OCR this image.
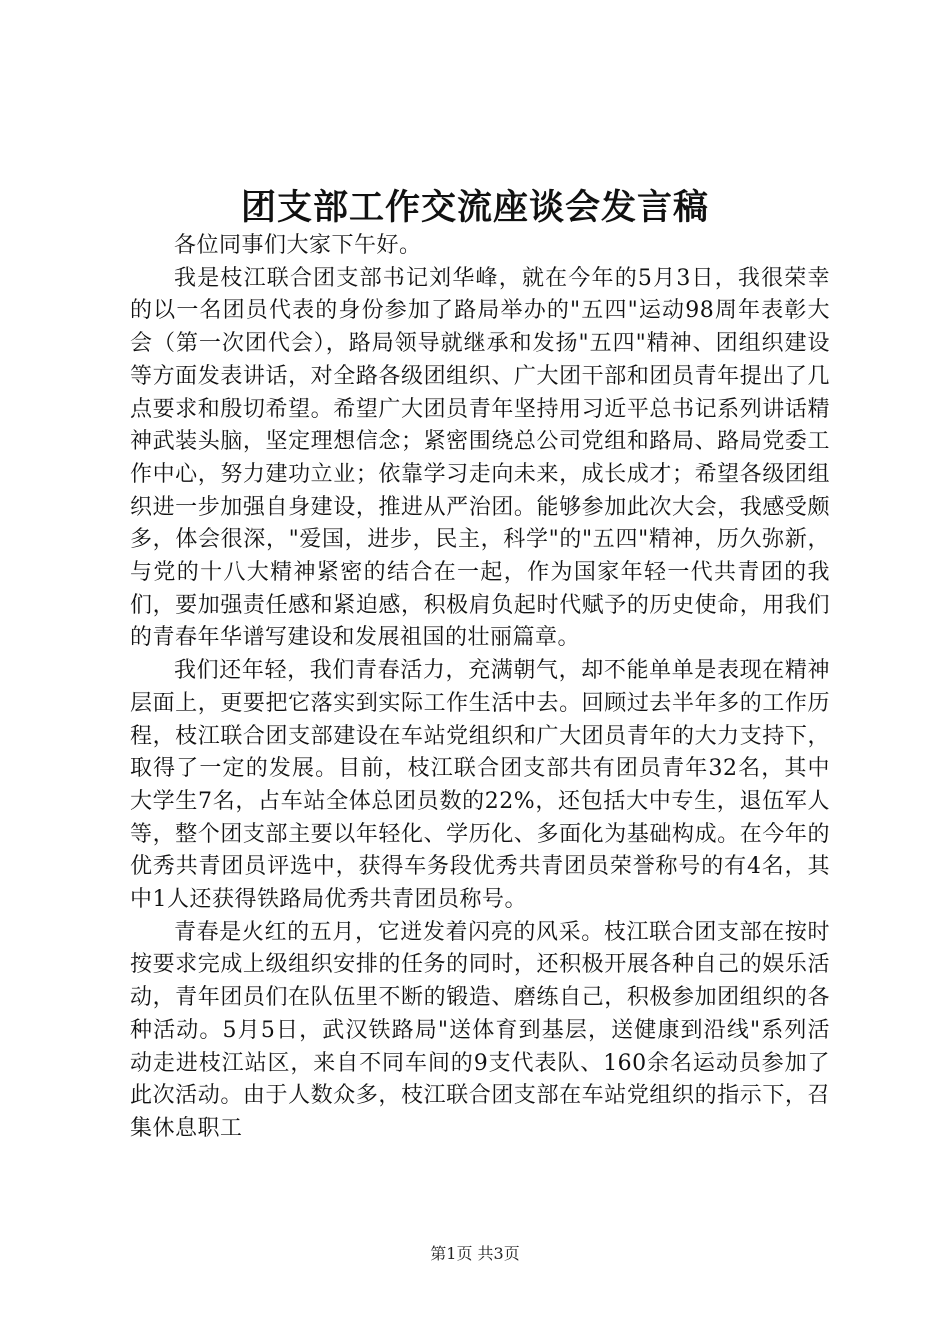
团支部工作交流座谈会发言稿

各位同事们大家下午好。

我是枝江联合团支部书记刘华峰，就在今年的5月3日，我很荣幸的以一名团员代表的身份参加了路局举办的"五四"运动98周年表彰大会（第一次团代会），路局领导就继承和发扬"五四"精神、团组织建设等方面发表讲话，对全路各级团组织、广大团干部和团员青年提出了几点要求和殷切希望。希望广大团员青年坚持用习近平总书记系列讲话精神武装头脑，坚定理想信念；紧密围绕总公司党组和路局、路局党委工作中心，努力建功立业；依靠学习走向未来，成长成才；希望各级团组织进一步加强自身建设，推进从严治团。能够参加此次大会，我感受颇多，体会很深，"爱国，进步，民主，科学"的"五四"精神，历久弥新，与党的十八大精神紧密的结合在一起，作为国家年轻一代共青团的我们，要加强责任感和紧迫感，积极肩负起时代赋予的历史使命，用我们的青春年华谱写建设和发展祖国的壮丽篇章。

我们还年轻，我们青春活力，充满朝气，却不能单单是表现在精神层面上，更要把它落实到实际工作生活中去。回顾过去半年多的工作历程，枝江联合团支部建设在车站党组织和广大团员青年的大力支持下，取得了一定的发展。目前，枝江联合团支部共有团员青年32名，其中大学生7名，占车站全体总团员数的22%，还包括大中专生，退伍军人等，整个团支部主要以年轻化、学历化、多面化为基础构成。在今年的优秀共青团员评选中，获得车务段优秀共青团员荣誉称号的有4名，其中1人还获得铁路局优秀共青团员称号。

青春是火红的五月，它迸发着闪亮的风采。枝江联合团支部在按时按要求完成上级组织安排的任务的同时，还积极开展各种自己的娱乐活动，青年团员们在队伍里不断的锻造、磨练自己，积极参加团组织的各种活动。5月5日，武汉铁路局"送体育到基层，送健康到沿线"系列活动走进枝江站区，来自不同车间的9支代表队、160余名运动员参加了此次活动。由于人数众多，枝江联合团支部在车站党组织的指示下，召集休息职工

第1页 共3页
